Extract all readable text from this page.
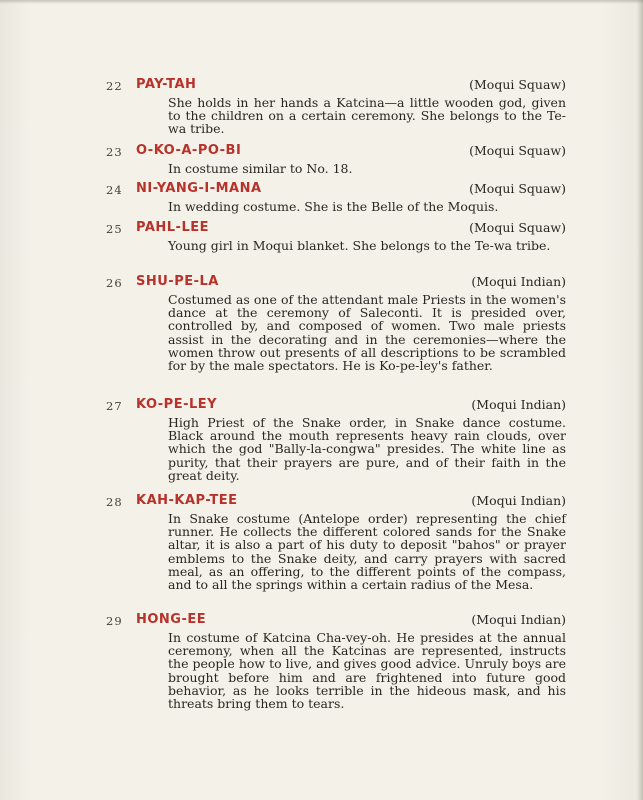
22 PAY-TAH	(Moqui Squaw)
She holds in her hands a Katcina—a little wooden god, given to the children on a certain ceremony. She belongs to the Te-wa tribe.
23 O-KO-A-PO-BI	(Moqui Squaw)
In costume similar to No. 18.
24 NI-YANG-I-MANA	(Moqui Squaw)
In wedding costume. She is the Belle of the Moquis.
25 PAHL-LEE	(Moqui Squaw)
Young girl in Moqui blanket. She belongs to the Te-wa tribe.
26 SHU-PE-LA	(Moqui Indian)
Costumed as one of the attendant male Priests in the women's dance at the ceremony of Saleconti. It is presided over, controlled by, and composed of women. Two male priests assist in the decorating and in the ceremonies—where the women throw out presents of all descriptions to be scrambled for by the male spectators. He is Ko-pe-ley's father.
27 KO-PE-LEY	(Moqui Indian)
High Priest of the Snake order, in Snake dance costume. Black around the mouth represents heavy rain clouds, over which the god "Bally-la-congwa" presides. The white line as purity, that their prayers are pure, and of their faith in the great deity.
28 KAH-KAP-TEE	(Moqui Indian)
In Snake costume (Antelope order) representing the chief runner. He collects the different colored sands for the Snake altar, it is also a part of his duty to deposit "bahos" or prayer emblems to the Snake deity, and carry prayers with sacred meal, as an offering, to the different points of the compass, and to all the springs within a certain radius of the Mesa.
29 HONG-EE	(Moqui Indian)
In costume of Katcina Cha-vey-oh. He presides at the annual ceremony, when all the Katcinas are represented, instructs the people how to live, and gives good advice. Unruly boys are brought before him and are frightened into future good behavior, as he looks terrible in the hideous mask, and his threats bring them to tears.
